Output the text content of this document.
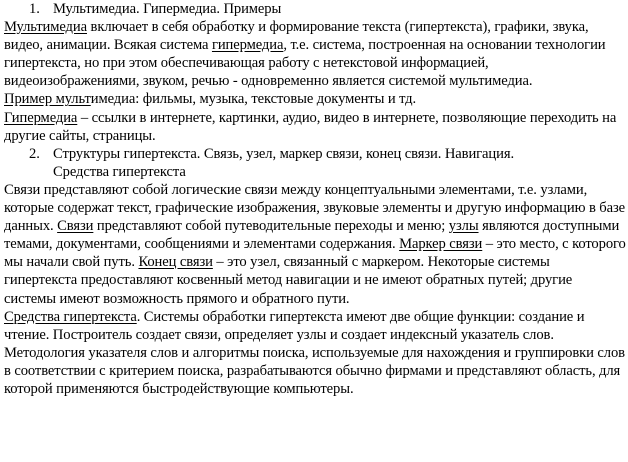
1. Мультимедиа. Гипермедиа. Примеры

Мультимедиа включает в себя обработку и формирование текста (гипертекста), графики, звука, видео, анимации. Всякая система гипермедиа, т.е. система, построенная на основании технологии гипертекста, но при этом обеспечивающая работу с нетекстовой информацией, видеоизображениями, звуком, речью - одновременно является системой мультимедиа.

Пример мультимедиа: фильмы, музыка, текстовые документы и тд.

Гипермедиа – ссылки в интернете, картинки, аудио, видео в интернете, позволяющие переходить на другие сайты, страницы.

2. Структуры гипертекста. Связь, узел, маркер связи, конец связи. Навигация.
Средства гипертекста

Связи представляют собой логические связи между концептуальными элементами, т.е. узлами, которые содержат текст, графические изображения, звуковые элементы и другую информацию в базе данных. Связи представляют собой путеводительные переходы и меню; узлы являются доступными темами, документами, сообщениями и элементами содержания. Маркер связи – это место, с которого мы начали свой путь. Конец связи – это узел, связанный с маркером. Некоторые системы гипертекста предоставляют косвенный метод навигации и не имеют обратных путей; другие системы имеют возможность прямого и обратного пути.

Средства гипертекста. Системы обработки гипертекста имеют две общие функции: создание и чтение. Построитель создает связи, определяет узлы и создает индексный указатель слов. Методология указателя слов и алгоритмы поиска, используемые для нахождения и группировки слов в соответствии с критерием поиска, разрабатываются обычно фирмами и представляют область, для которой применяются быстродействующие компьютеры.
